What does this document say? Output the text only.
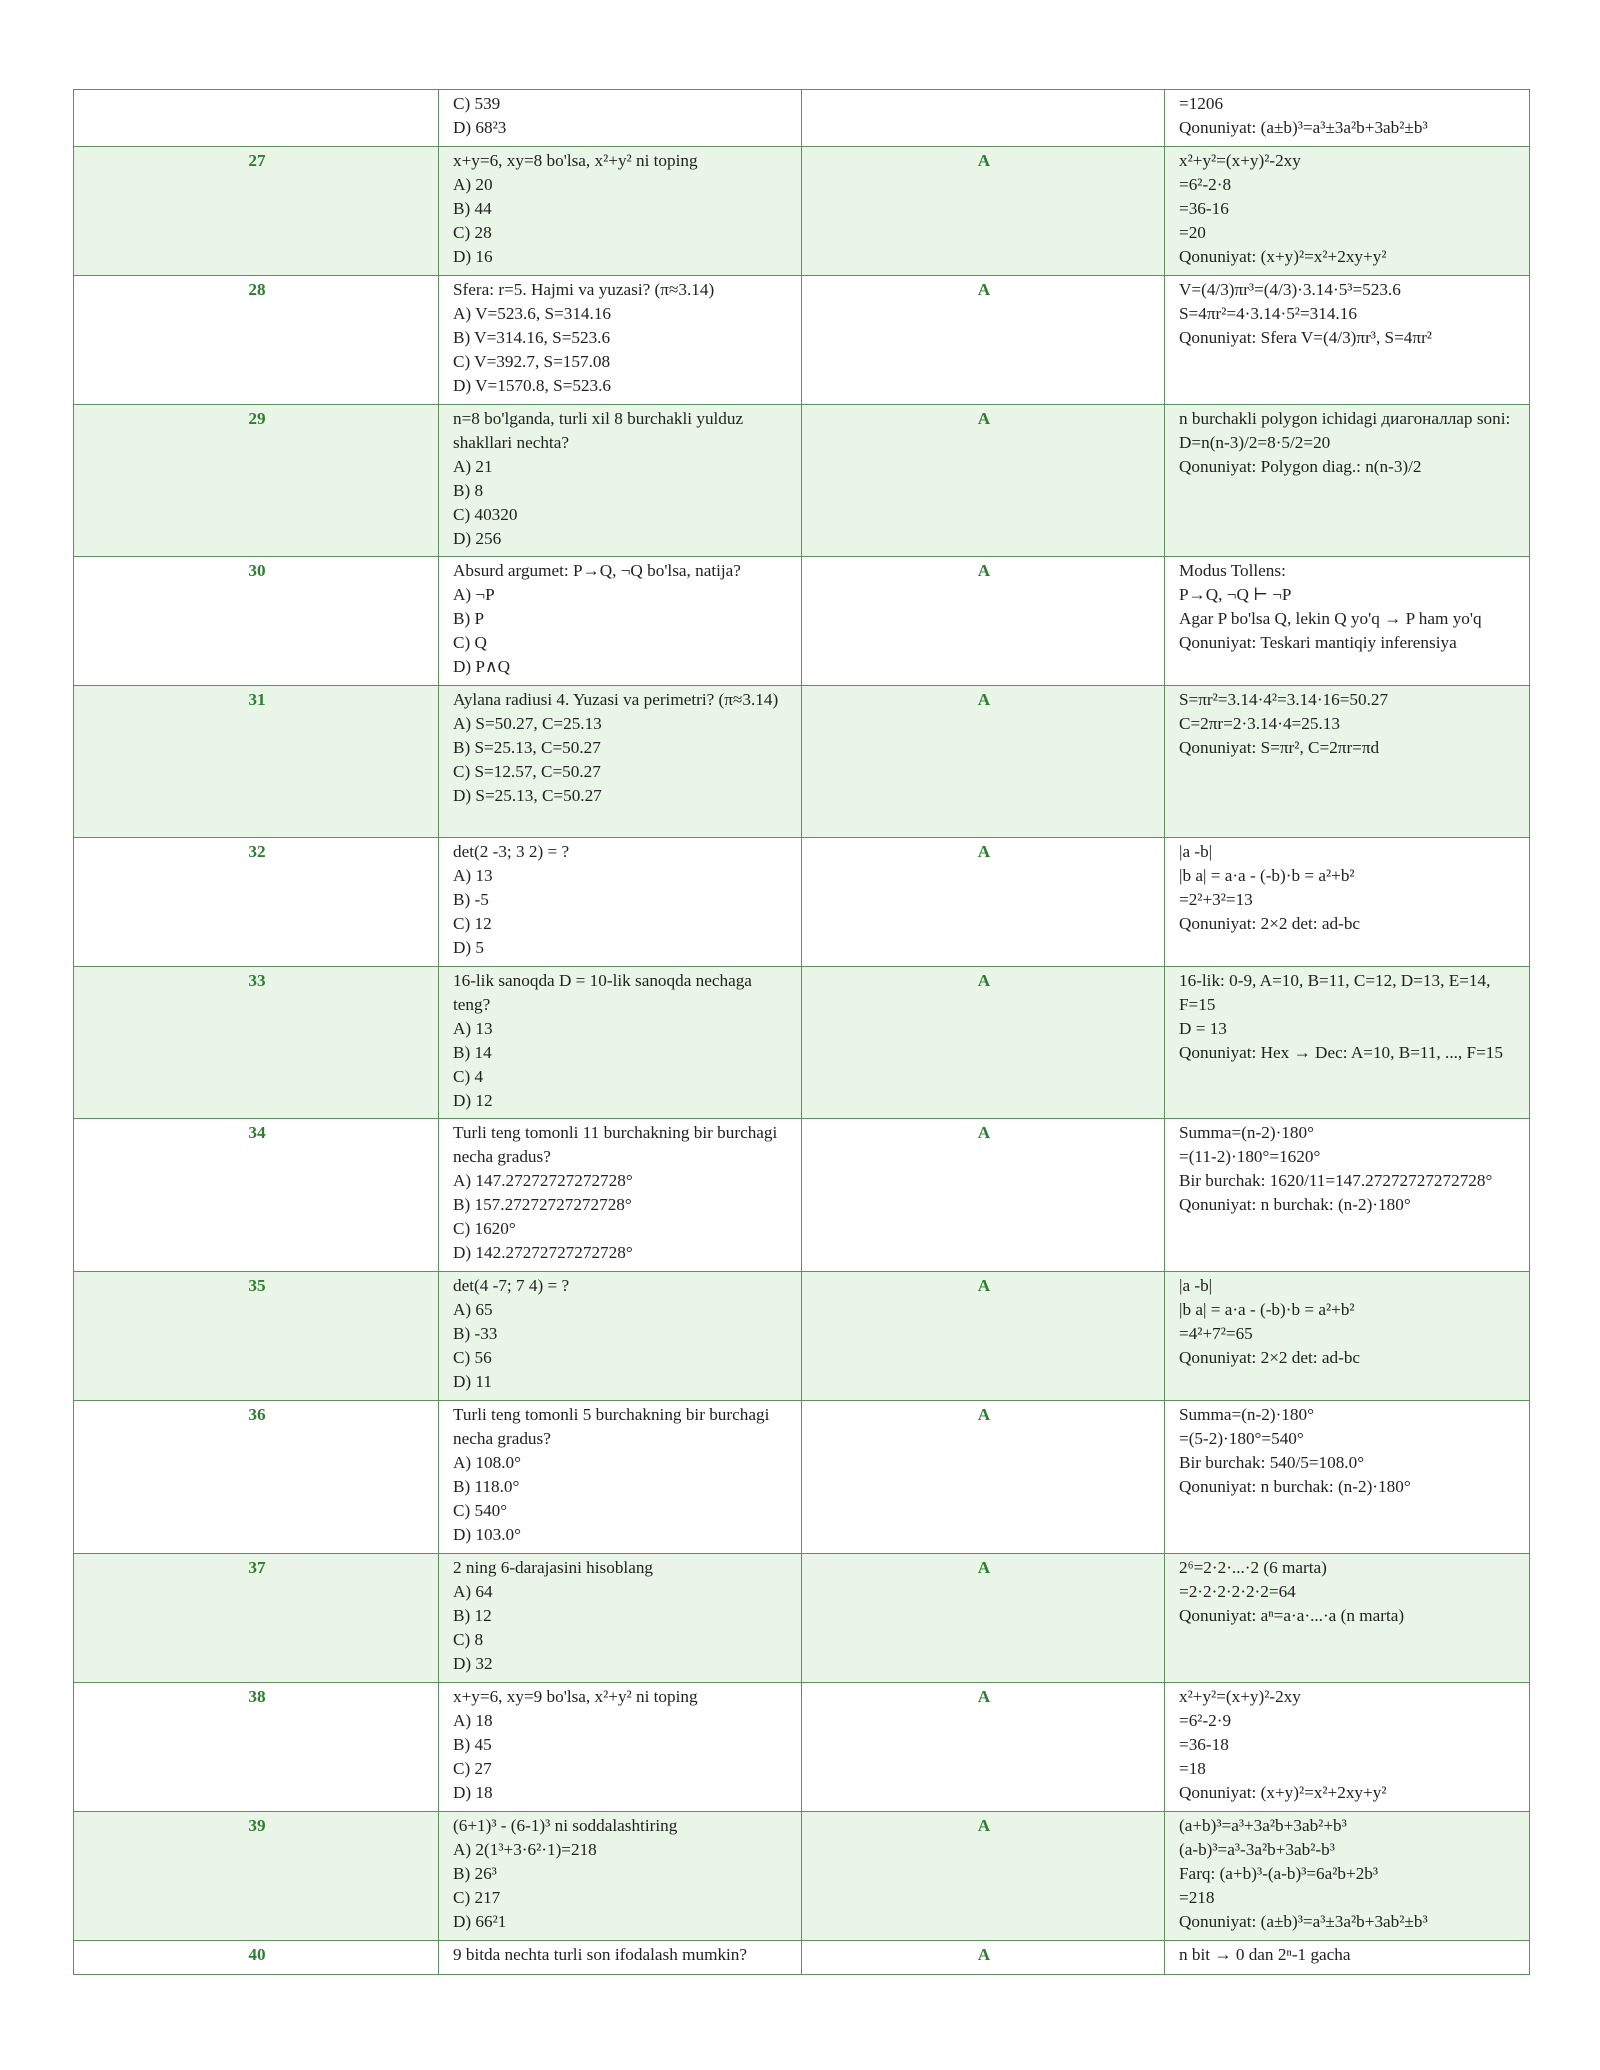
	C) 539
D) 68²3		=1206
Qonuniyat: (a±b)³=a³±3a²b+3ab²±b³

27	x+y=6, xy=8 bo'lsa, x²+y² ni toping
A) 20
B) 44
C) 28
D) 16	A	x²+y²=(x+y)²-2xy
=6²-2·8
=36-16
=20
Qonuniyat: (x+y)²=x²+2xy+y²

28	Sfera: r=5. Hajmi va yuzasi? (π≈3.14)
A) V=523.6, S=314.16
B) V=314.16, S=523.6
C) V=392.7, S=157.08
D) V=1570.8, S=523.6	A	V=(4/3)πr³=(4/3)·3.14·5³=523.6
S=4πr²=4·3.14·5²=314.16
Qonuniyat: Sfera V=(4/3)πr³, S=4πr²

29	n=8 bo'lganda, turli xil 8 burchakli yulduz shakllari nechta?
A) 21
B) 8
C) 40320
D) 256	A	n burchakli polygon ichidagi диагоналлар soni:
D=n(n-3)/2=8·5/2=20
Qonuniyat: Polygon diag.: n(n-3)/2

30	Absurd argumet: P→Q, ¬Q bo'lsa, natija?
A) ¬P
B) P
C) Q
D) P∧Q	A	Modus Tollens:
P→Q, ¬Q ⊢ ¬P
Agar P bo'lsa Q, lekin Q yo'q → P ham yo'q
Qonuniyat: Teskari mantiqiy inferensiya

31	Aylana radiusi 4. Yuzasi va perimetri? (π≈3.14)
A) S=50.27, C=25.13
B) S=25.13, C=50.27
C) S=12.57, C=50.27
D) S=25.13, C=50.27	A	S=πr²=3.14·4²=3.14·16=50.27
C=2πr=2·3.14·4=25.13
Qonuniyat: S=πr², C=2πr=πd

32	det(2 -3; 3 2) = ?
A) 13
B) -5
C) 12
D) 5	A	|a -b|
|b a| = a·a - (-b)·b = a²+b²
=2²+3²=13
Qonuniyat: 2×2 det: ad-bc

33	16-lik sanoqda D = 10-lik sanoqda nechaga teng?
A) 13
B) 14
C) 4
D) 12	A	16-lik: 0-9, A=10, B=11, C=12, D=13, E=14, F=15
D = 13
Qonuniyat: Hex → Dec: A=10, B=11, ..., F=15

34	Turli teng tomonli 11 burchakning bir burchagi necha gradus?
A) 147.27272727272728°
B) 157.27272727272728°
C) 1620°
D) 142.27272727272728°	A	Summa=(n-2)·180°
=(11-2)·180°=1620°
Bir burchak: 1620/11=147.27272727272728°
Qonuniyat: n burchak: (n-2)·180°

35	det(4 -7; 7 4) = ?
A) 65
B) -33
C) 56
D) 11	A	|a -b|
|b a| = a·a - (-b)·b = a²+b²
=4²+7²=65
Qonuniyat: 2×2 det: ad-bc

36	Turli teng tomonli 5 burchakning bir burchagi necha gradus?
A) 108.0°
B) 118.0°
C) 540°
D) 103.0°	A	Summa=(n-2)·180°
=(5-2)·180°=540°
Bir burchak: 540/5=108.0°
Qonuniyat: n burchak: (n-2)·180°

37	2 ning 6-darajasini hisoblang
A) 64
B) 12
C) 8
D) 32	A	2⁶=2·2·...·2 (6 marta)
=2·2·2·2·2·2=64
Qonuniyat: aⁿ=a·a·...·a (n marta)

38	x+y=6, xy=9 bo'lsa, x²+y² ni toping
A) 18
B) 45
C) 27
D) 18	A	x²+y²=(x+y)²-2xy
=6²-2·9
=36-18
=18
Qonuniyat: (x+y)²=x²+2xy+y²

39	(6+1)³ - (6-1)³ ni soddalashtiring
A) 2(1³+3·6²·1)=218
B) 26³
C) 217
D) 66²1	A	(a+b)³=a³+3a²b+3ab²+b³
(a-b)³=a³-3a²b+3ab²-b³
Farq: (a+b)³-(a-b)³=6a²b+2b³
=218
Qonuniyat: (a±b)³=a³±3a²b+3ab²±b³

40	9 bitda nechta turli son ifodalash mumkin?	A	n bit → 0 dan 2ⁿ-1 gacha
